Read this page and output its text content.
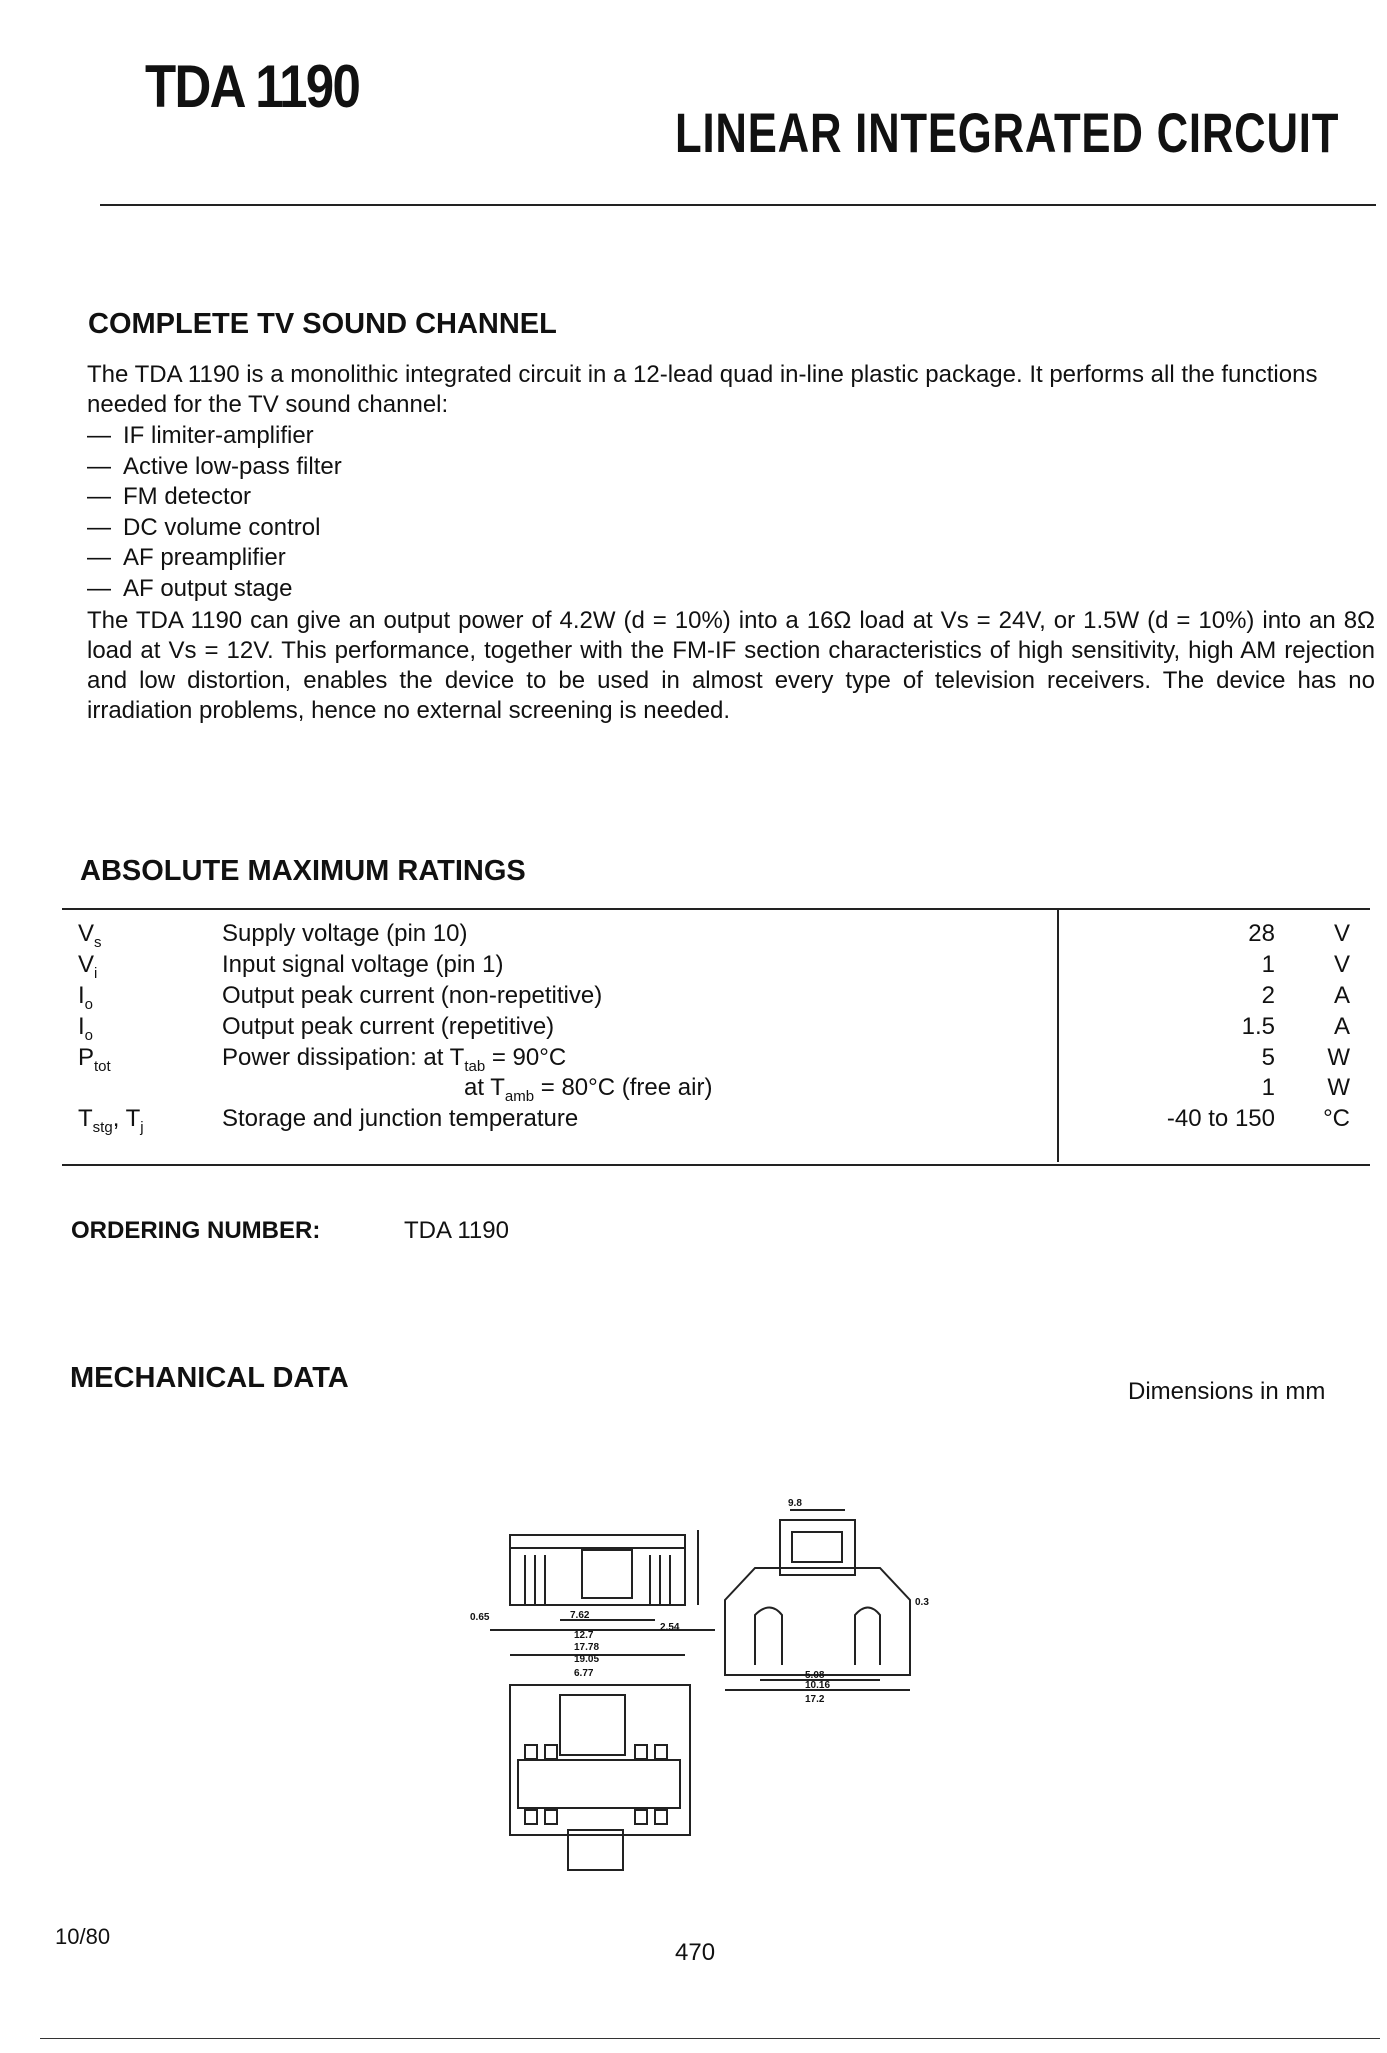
TDA 1190
LINEAR INTEGRATED CIRCUIT
COMPLETE TV SOUND CHANNEL

The TDA 1190 is a monolithic integrated circuit in a 12-lead quad in-line plastic package. It performs all the functions needed for the TV sound channel:

— IF limiter-amplifier
— Active low-pass filter
— FM detector
— DC volume control
— AF preamplifier
— AF output stage
The TDA 1190 can give an output power of 4.2W (d = 10%) into a 16Ω load at Vs = 24V, or 1.5W (d = 10%) into an 8Ω load at Vs = 12V. This performance, together with the FM-IF section characteristics of high sensitivity, high AM rejection and low distortion, enables the device to be used in almost every type of television receivers. The device has no irradiation problems, hence no external screening is needed.
ABSOLUTE MAXIMUM RATINGS
$V_s$	Supply voltage (pin 10)	28 V
$V_i$	Input signal voltage (pin 1)	1 V
$I_o$	Output peak current (non-repetitive)	2 A
$I_o$	Output peak current (repetitive)	1.5 A
$P_{tot}$	Power dissipation: at $T_{tab} = 90^\circ C$	5 W
at $T_{amb} = 80^\circ C$ (free air)	1 W
$T_{stg}$, $T_j$	Storage and junction temperature	-40 to 150 °C
ORDERING NUMBER:	TDA 1190
MECHANICAL DATA	Dimensions in mm
9.8
0.65	7.62
12.7
17.78
19.05
6.77
2.54
5.08
10.16
17.2
0.3
10/80
470
